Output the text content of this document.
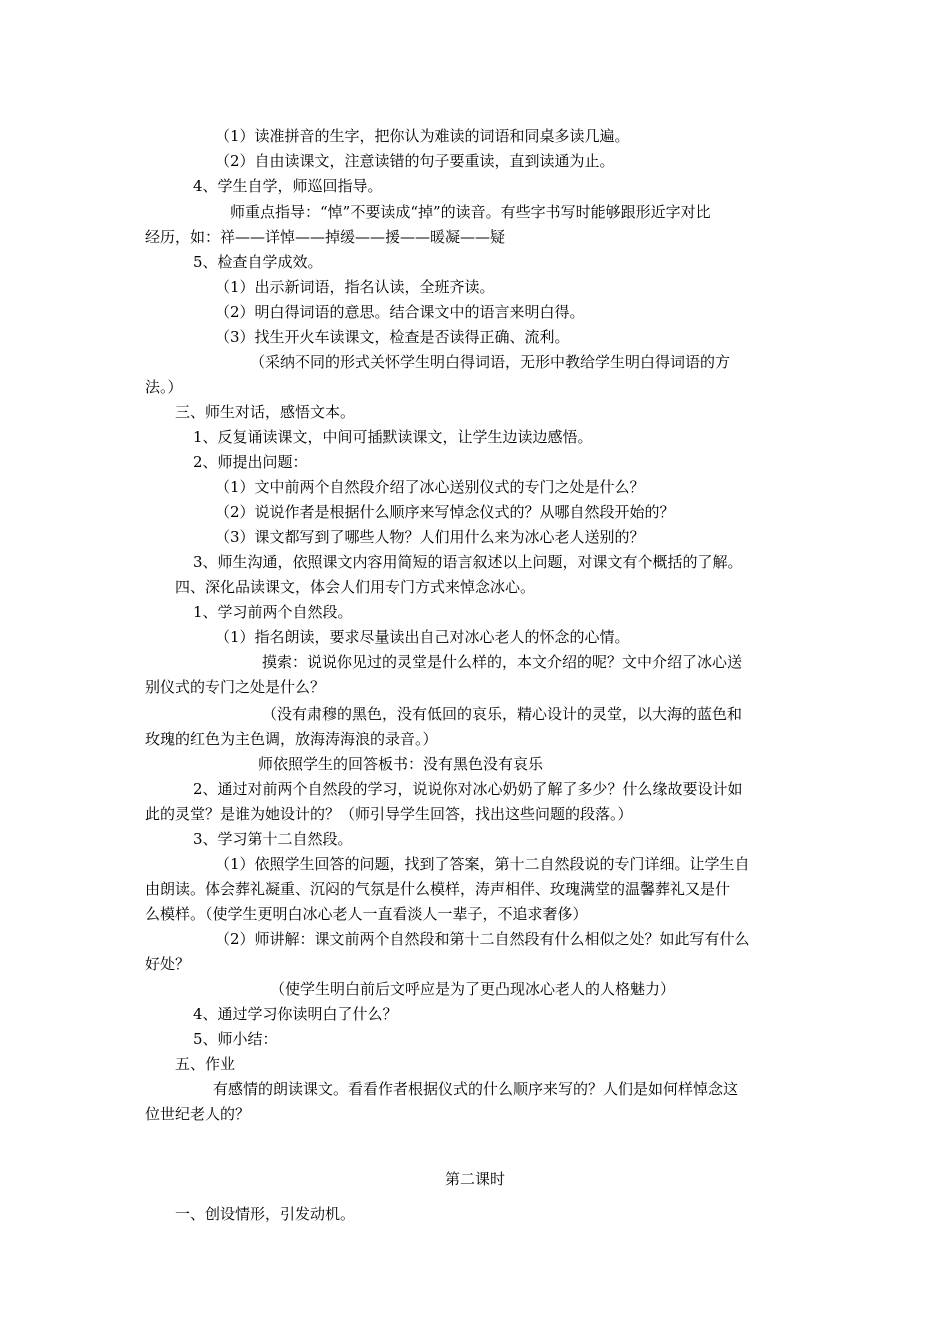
（1）读准拼音的生字，把你认为难读的词语和同桌多读几遍。

（2）自由读课文，注意读错的句子要重读，直到读通为止。

4、学生自学，师巡回指导。

师重点指导：“悼”不要读成“掉”的读音。有些字书写时能够跟形近字对比

经历，如：祥——详悼——掉缓——援——暖凝——疑

5、检查自学成效。

（1）出示新词语，指名认读，全班齐读。

（2）明白得词语的意思。结合课文中的语言来明白得。

（3）找生开火车读课文，检查是否读得正确、流利。

（采纳不同的形式关怀学生明白得词语，无形中教给学生明白得词语的方

法。）

三、师生对话，感悟文本。

1、反复诵读课文，中间可插默读课文，让学生边读边感悟。

2、师提出问题：

（1）文中前两个自然段介绍了冰心送别仪式的专门之处是什么？

（2）说说作者是根据什么顺序来写悼念仪式的？从哪自然段开始的？

（3）课文都写到了哪些人物？人们用什么来为冰心老人送别的？

3、师生沟通，依照课文内容用简短的语言叙述以上问题，对课文有个概括的了解。

四、深化品读课文，体会人们用专门方式来悼念冰心。

1、学习前两个自然段。

（1）指名朗读，要求尽量读出自己对冰心老人的怀念的心情。

摸索：说说你见过的灵堂是什么样的，本文介绍的呢？文中介绍了冰心送

别仪式的专门之处是什么？

（没有肃穆的黑色，没有低回的哀乐，精心设计的灵堂，以大海的蓝色和

玫瑰的红色为主色调，放海涛海浪的录音。）

师依照学生的回答板书：没有黑色没有哀乐

2、通过对前两个自然段的学习，说说你对冰心奶奶了解了多少？什么缘故要设计如

此的灵堂？是谁为她设计的？（师引导学生回答，找出这些问题的段落。）

3、学习第十二自然段。

（1）依照学生回答的问题，找到了答案，第十二自然段说的专门详细。让学生自

由朗读。体会葬礼凝重、沉闷的气氛是什么模样，涛声相伴、玫瑰满堂的温馨葬礼又是什

么模样。（使学生更明白冰心老人一直看淡人一辈子，不追求奢侈）

（2）师讲解：课文前两个自然段和第十二自然段有什么相似之处？如此写有什么

好处？

（使学生明白前后文呼应是为了更凸现冰心老人的人格魅力）

4、通过学习你读明白了什么？

5、师小结：

五、作业

有感情的朗读课文。看看作者根据仪式的什么顺序来写的？人们是如何样悼念这

位世纪老人的？

第二课时

一、创设情形，引发动机。
